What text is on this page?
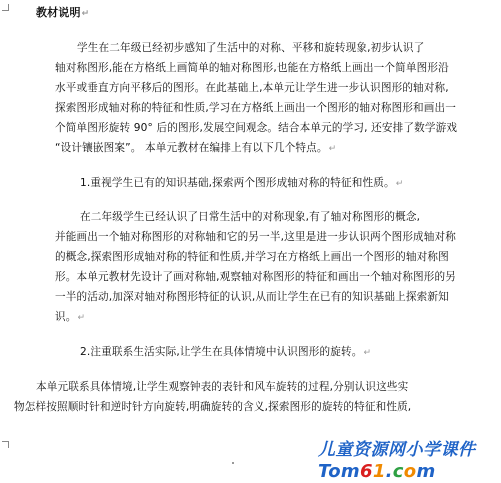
教材说明↵
学生在二年级已经初步感知了生活中的对称、平移和旋转现象,初步认识了
轴对称图形,能在方格纸上画简单的轴对称图形,也能在方格纸上画出一个简单图形沿
水平或垂直方向平移后的图形。在此基础上,本单元让学生进一步认识图形的轴对称,
探索图形成轴对称的特征和性质,学习在方格纸上画出一个图形的轴对称图形和画出一
个简单图形旋转 90° 后的图形,发展空间观念。结合本单元的学习, 还安排了数学游戏
“设计镶嵌图案”。 本单元教材在编排上有以下几个特点。↵
1.重视学生已有的知识基础,探索两个图形成轴对称的特征和性质。↵
在二年级学生已经认识了日常生活中的对称现象,有了轴对称图形的概念,
并能画出一个轴对称图形的对称轴和它的另一半,这里是进一步认识两个图形成轴对称
的概念,探索图形成轴对称的特征和性质,并学习在方格纸上画出一个图形的轴对称图
形。本单元教材先设计了画对称轴,观察轴对称图形的特征和画出一个轴对称图形的另
一半的活动,加深对轴对称图形特征的认识,从而让学生在已有的知识基础上探索新知
识。↵
2.注重联系生活实际,让学生在具体情境中认识图形的旋转。↵
本单元联系具体情境,让学生观察钟表的表针和风车旋转的过程,分别认识这些实
物怎样按照顺时针和逆时针方向旋转,明确旋转的含义,探索图形的旋转的特征和性质,
儿童资源网小学课件
Tom61.com
